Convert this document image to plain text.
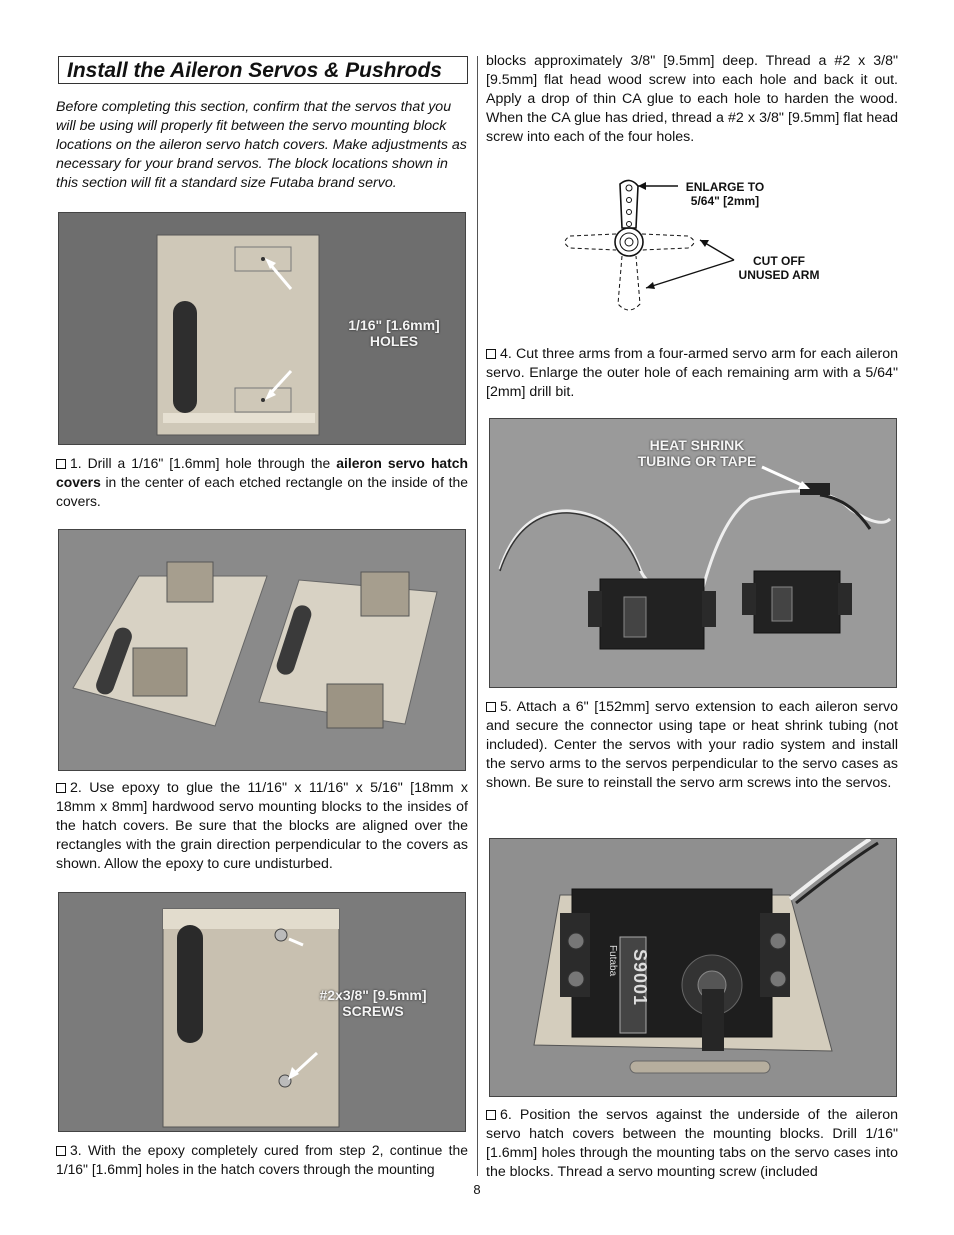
Install the Aileron Servos & Pushrods

Before completing this section, confirm that the servos that you will be using will properly fit between the servo mounting block locations on the aileron servo hatch covers. Make adjustments as necessary for your brand servos. The block locations shown in this section will fit a standard size Futaba brand servo.

1/16" [1.6mm]
HOLES

1. Drill a 1/16" [1.6mm] hole through the aileron servo hatch covers in the center of each etched rectangle on the inside of the covers.

2. Use epoxy to glue the 11/16" x 11/16" x 5/16" [18mm x 18mm x 8mm] hardwood servo mounting blocks to the insides of the hatch covers. Be sure that the blocks are aligned over the rectangles with the grain direction perpendicular to the covers as shown. Allow the epoxy to cure undisturbed.

#2x3/8" [9.5mm]
SCREWS

3. With the epoxy completely cured from step 2, continue the 1/16" [1.6mm] holes in the hatch covers through the mounting

blocks approximately 3/8" [9.5mm] deep. Thread a #2 x 3/8" [9.5mm] flat head wood screw into each hole and back it out. Apply a drop of thin CA glue to each hole to harden the wood. When the CA glue has dried, thread a #2 x 3/8" [9.5mm] flat head screw into each of the four holes.

ENLARGE TO
5/64" [2mm]
CUT OFF
UNUSED ARM

4. Cut three arms from a four-armed servo arm for each aileron servo. Enlarge the outer hole of each remaining arm with a 5/64" [2mm] drill bit.

HEAT SHRINK
TUBING OR TAPE

5. Attach a 6" [152mm] servo extension to each aileron servo and secure the connector using tape or heat shrink tubing (not included). Center the servos with your radio system and install the servo arms to the servos perpendicular to the servo cases as shown. Be sure to reinstall the servo arm screws into the servos.

Futaba S9001

6. Position the servos against the underside of the aileron servo hatch covers between the mounting blocks. Drill 1/16" [1.6mm] holes through the mounting tabs on the servo cases into the blocks. Thread a servo mounting screw (included

8
